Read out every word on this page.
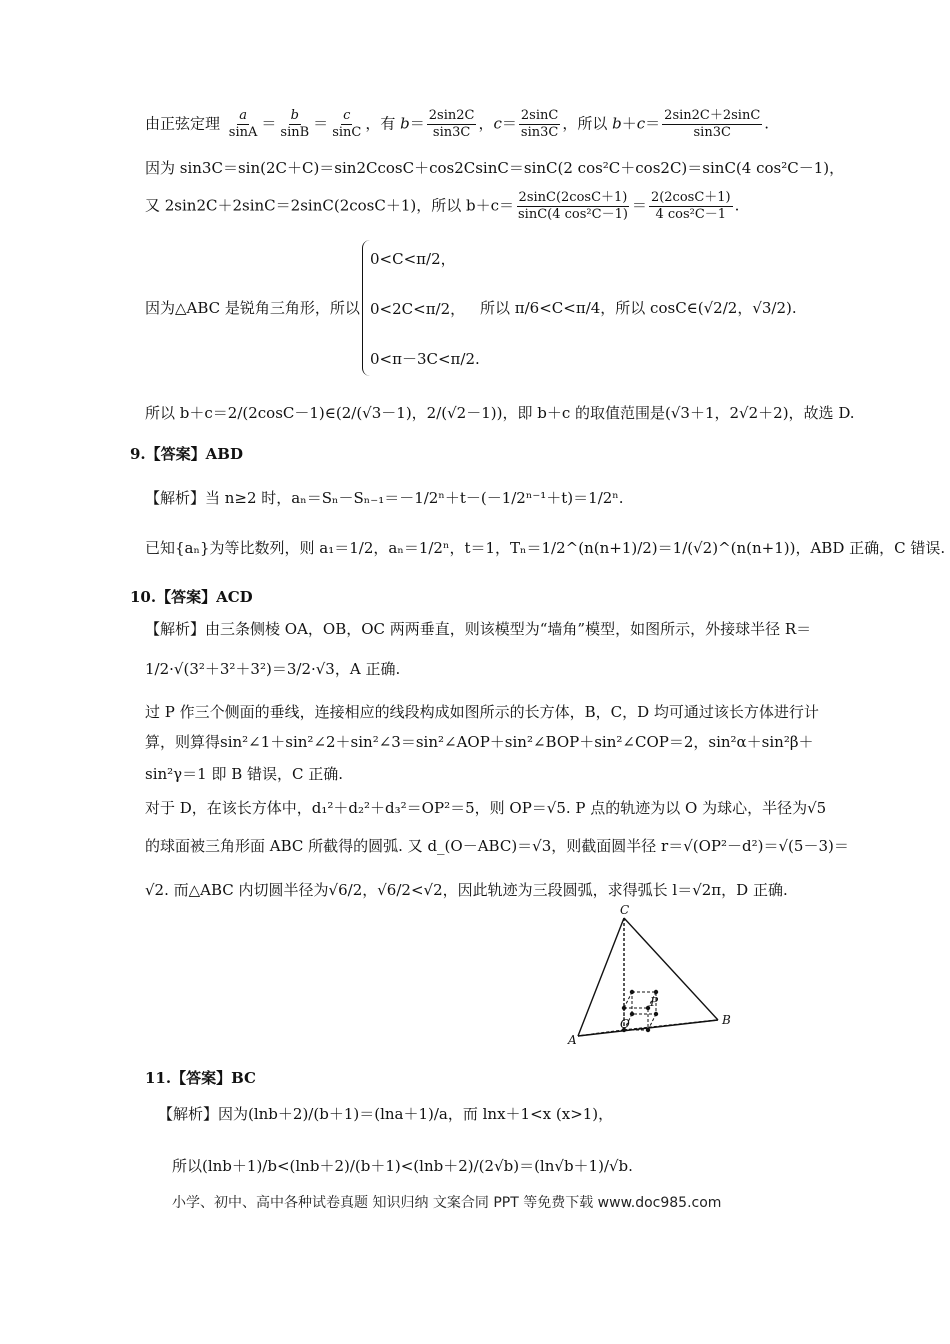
由正弦定理 $\frac{a}{\sin A} = \frac{b}{\sin B} = \frac{c}{\sin C}$ ，有 $b= \frac{2\sin 2C}{\sin 3C}$ ，$c= \frac{2\sin C}{\sin 3C}$ ，所以 $b+c= \frac{2\sin 2C+2\sin C}{\sin 3C}$ .
因为 sin3C＝sin(2C＋C)＝sin2CcosC＋cos2CsinC＝sinC(2 cos²C＋cos2C)＝sinC(4 cos²C－1)，
又 2sin2C＋2sinC＝2sinC(2cosC＋1)，所以 $b+c= \frac{2\sin C(2\cos C+1)}{\text{sinC(4 cos²C－1)}} = \frac{2(2\cos C+1)}{\text{4 cos²C－1}}$ .
因为△ABC 是锐角三角形，所以
0<C<π/2，
0<2C<π/2，
0<π－3C<π/2.
所以 π/6<C<π/4，所以 cosC∈(√2/2，√3/2).
所以 b＋c＝2/(2cosC－1)∈(2/(√3－1)，2/(√2－1))，即 b＋c 的取值范围是(√3＋1，2√2＋2)，故选 D.
9.【答案】ABD
【解析】当 n≥2 时，aₙ＝Sₙ－Sₙ₋₁＝－1/2ⁿ＋t－(－1/2ⁿ⁻¹＋t)＝1/2ⁿ.
已知{aₙ}为等比数列，则 a₁＝1/2，aₙ＝1/2ⁿ，t＝1，Tₙ＝1/2^(n(n+1)/2)＝1/(√2)^(n(n+1))，ABD 正确，C 错误.
10.【答案】ACD
【解析】由三条侧棱 OA，OB，OC 两两垂直，则该模型为“墙角”模型，如图所示，外接球半径 R＝
1/2·√(3²＋3²＋3²)＝3/2·√3，A 正确.
过 P 作三个侧面的垂线，连接相应的线段构成如图所示的长方体，B，C，D 均可通过该长方体进行计
算，则算得sin²∠1＋sin²∠2＋sin²∠3＝sin²∠AOP＋sin²∠BOP＋sin²∠COP＝2，sin²α＋sin²β＋
sin²γ＝1 即 B 错误，C 正确.
对于 D，在该长方体中，d₁²＋d₂²＋d₃²＝OP²＝5，则 OP＝√5. P 点的轨迹为以 O 为球心，半径为√5
的球面被三角形面 ABC 所截得的圆弧. 又 d_(O－ABC)＝√3，则截面圆半径 r＝√(OP²－d²)＝√(5－3)＝
√2. 而△ABC 内切圆半径为√6/2，√6/2<√2，因此轨迹为三段圆弧，求得弧长 l＝√2π，D 正确.
C
B
A
O
P
11.【答案】BC
【解析】因为(lnb＋2)/(b＋1)＝(lna＋1)/a，而 lnx＋1<x (x>1)，
所以(lnb＋1)/b<(lnb＋2)/(b＋1)<(lnb＋2)/(2√b)＝(ln√b＋1)/√b.
小学、初中、高中各种试卷真题 知识归纳 文案合同 PPT 等免费下载 www.doc985.com
